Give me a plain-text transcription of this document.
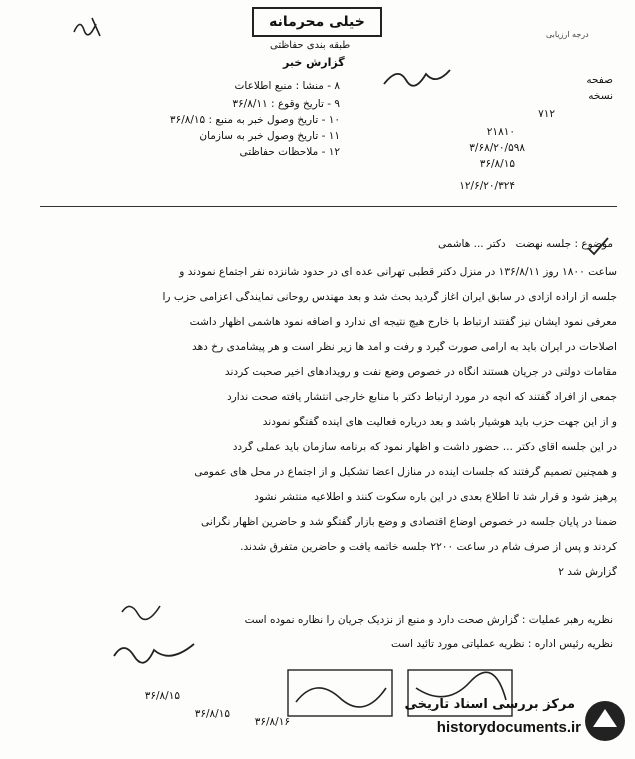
خیلی محرمانه
طبقه بندی حفاظتی
گزارش خبر
درجه ارزیابی
۸ - منشا : منبع اطلاعات
۹ - تاریخ وقوع : ۳۶/۸/۱۱
۱۰ - تاریخ وصول خبر به منبع : ۳۶/۸/۱۵
۱۱ - تاریخ وصول خبر به سازمان
۱۲ - ملاحظات حفاظتی
صفحه
نسخه
۷۱۲
۲۱۸۱۰
۳/۶۸/۲۰/۵۹۸
۳۶/۸/۱۵
۱۲/۶/۲۰/۳۲۴
موضوع : جلسه نهضت   دکتر ... هاشمی
ساعت ۱۸۰۰ روز ۱۳۶/۸/۱۱ در منزل دکتر قطبی تهرانی عده ای در حدود شانزده نفر اجتماع نمودند و
جلسه از اراده آزادی در سابق ایران آغاز گردید بحث شد و بعد مهندس روحانی نمایندگی اعزامی حزب را
معرفی نمود ایشان نیز گفتند ارتباط با خارج هیچ نتیجه ای ندارد و اضافه نمود هاشمی اظهار داشت
اصلاحات در ایران باید به آرامی صورت گیرد و رفت و آمد ها زیر نظر است و هر پیشامدی رخ دهد
مقامات دولتی در جریان هستند آنگاه در خصوص وضع نفت و رویدادهای اخیر صحبت کردند
جمعی از افراد گفتند که آنچه در مورد ارتباط دکتر با منابع خارجی انتشار یافته صحت ندارد
و از این جهت حزب باید هوشیار باشد و بعد درباره فعالیت های آینده گفتگو نمودند
در این جلسه آقای دکتر ... حضور داشت و اظهار نمود که برنامه سازمان باید عملی گردد
و همچنین تصمیم گرفتند که جلسات آینده در منازل اعضا تشکیل و از اجتماع در محل های عمومی
پرهیز شود و قرار شد تا اطلاع بعدی در این باره سکوت کنند و اطلاعیه منتشر نشود
ضمنا در پایان جلسه در خصوص اوضاع اقتصادی و وضع بازار گفتگو شد و حاضرین اظهار نگرانی
کردند و پس از صرف شام در ساعت ۲۲۰۰ جلسه خاتمه یافت و حاضرین متفرق شدند.
گزارش شد ۲
نظریه رهبر عملیات : گزارش صحت دارد و منبع از نزدیک جریان را نظاره نموده است
نظریه رئیس اداره : نظریه عملیاتی مورد تائید است
۳۶/۸/۱۵
۳۶/۸/۱۵
۳۶/۸/۱۶
مرکز بررسی اسناد تاریخی
historydocuments.ir
